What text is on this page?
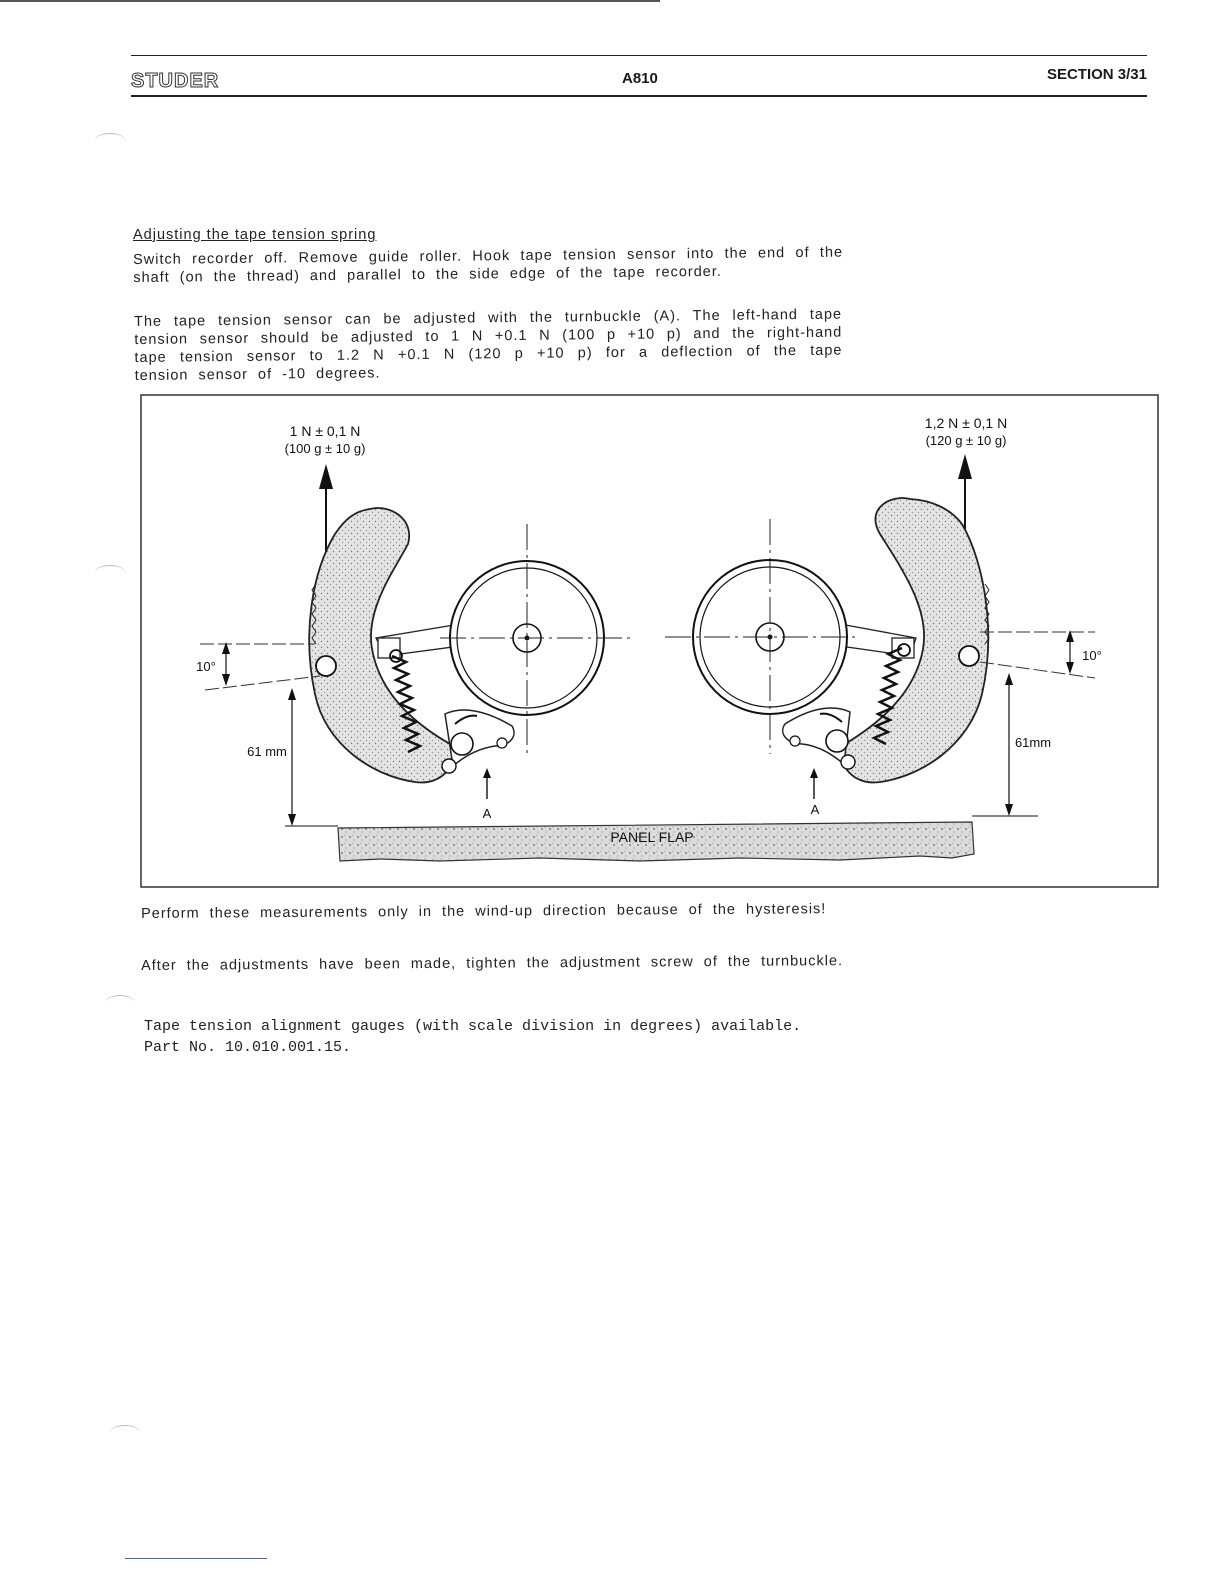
STUDER	A810	SECTION 3/31
Adjusting the tape tension spring
Switch recorder off. Remove guide roller. Hook tape tension sensor into the end of the shaft (on the thread) and parallel to the side edge of the tape recorder.
The tape tension sensor can be adjusted with the turnbuckle (A). The left-hand tape tension sensor should be adjusted to 1 N +0.1 N (100 p +10 p) and the right-hand tape tension sensor to 1.2 N +0.1 N (120 p +10 p) for a deflection of the tape tension sensor of -10 degrees.
1 N ± 0,1 N
(100 g ± 10 g)
A
10°
61 mm
1,2 N ± 0,1 N
(120 g ± 10 g)
A
10°
61mm
PANEL FLAP
Perform these measurements only in the wind-up direction because of the hysteresis!
After the adjustments have been made, tighten the adjustment screw of the turnbuckle.
Tape tension alignment gauges (with scale division in degrees) available.
Part No. 10.010.001.15.
